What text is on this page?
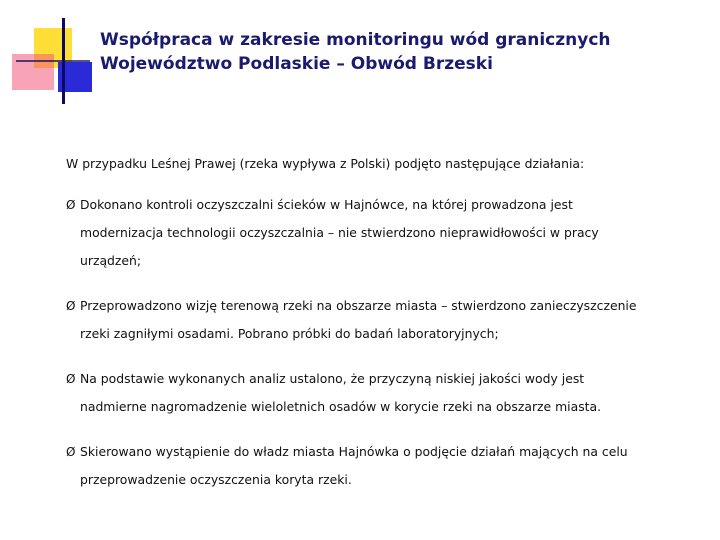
Współpraca w zakresie monitoringu wód granicznych
Województwo Podlaskie – Obwód Brzeski

W przypadku Leśnej Prawej (rzeka wypływa z Polski) podjęto następujące działania:

Ø Dokonano kontroli oczyszczalni ścieków w Hajnówce, na której prowadzona jest
modernizacja technologii oczyszczalnia – nie stwierdzono nieprawidłowości w pracy
urządzeń;
Ø Przeprowadzono wizję terenową rzeki na obszarze miasta – stwierdzono zanieczyszczenie
rzeki zagniłymi osadami. Pobrano próbki do badań laboratoryjnych;
Ø Na podstawie wykonanych analiz ustalono, że przyczyną niskiej jakości wody jest
nadmierne nagromadzenie wieloletnich osadów w korycie rzeki na obszarze miasta.
Ø Skierowano wystąpienie do władz miasta Hajnówka o podjęcie działań mających na celu
przeprowadzenie oczyszczenia koryta rzeki.
